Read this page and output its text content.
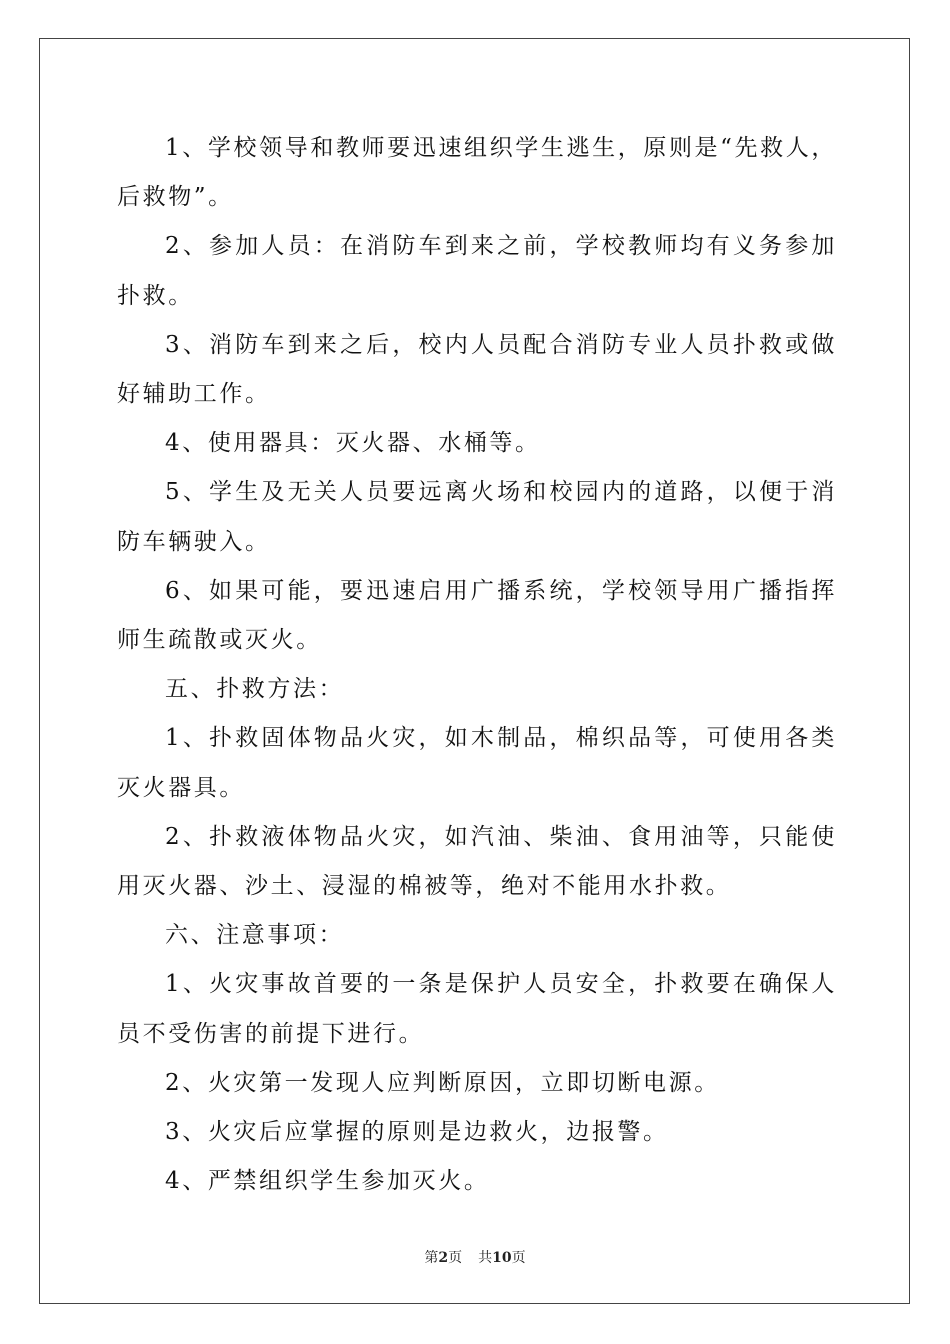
1、学校领导和教师要迅速组织学生逃生，原则是“先救人，后救物”。

2、参加人员：在消防车到来之前，学校教师均有义务参加扑救。

3、消防车到来之后，校内人员配合消防专业人员扑救或做好辅助工作。

4、使用器具：灭火器、水桶等。

5、学生及无关人员要远离火场和校园内的道路，以便于消防车辆驶入。

6、如果可能，要迅速启用广播系统，学校领导用广播指挥师生疏散或灭火。

五、扑救方法：

1、扑救固体物品火灾，如木制品，棉织品等，可使用各类灭火器具。

2、扑救液体物品火灾，如汽油、柴油、食用油等，只能使用灭火器、沙土、浸湿的棉被等，绝对不能用水扑救。

六、注意事项：

1、火灾事故首要的一条是保护人员安全，扑救要在确保人员不受伤害的前提下进行。

2、火灾第一发现人应判断原因，立即切断电源。

3、火灾后应掌握的原则是边救火，边报警。

4、严禁组织学生参加灭火。

第2页 共10页
